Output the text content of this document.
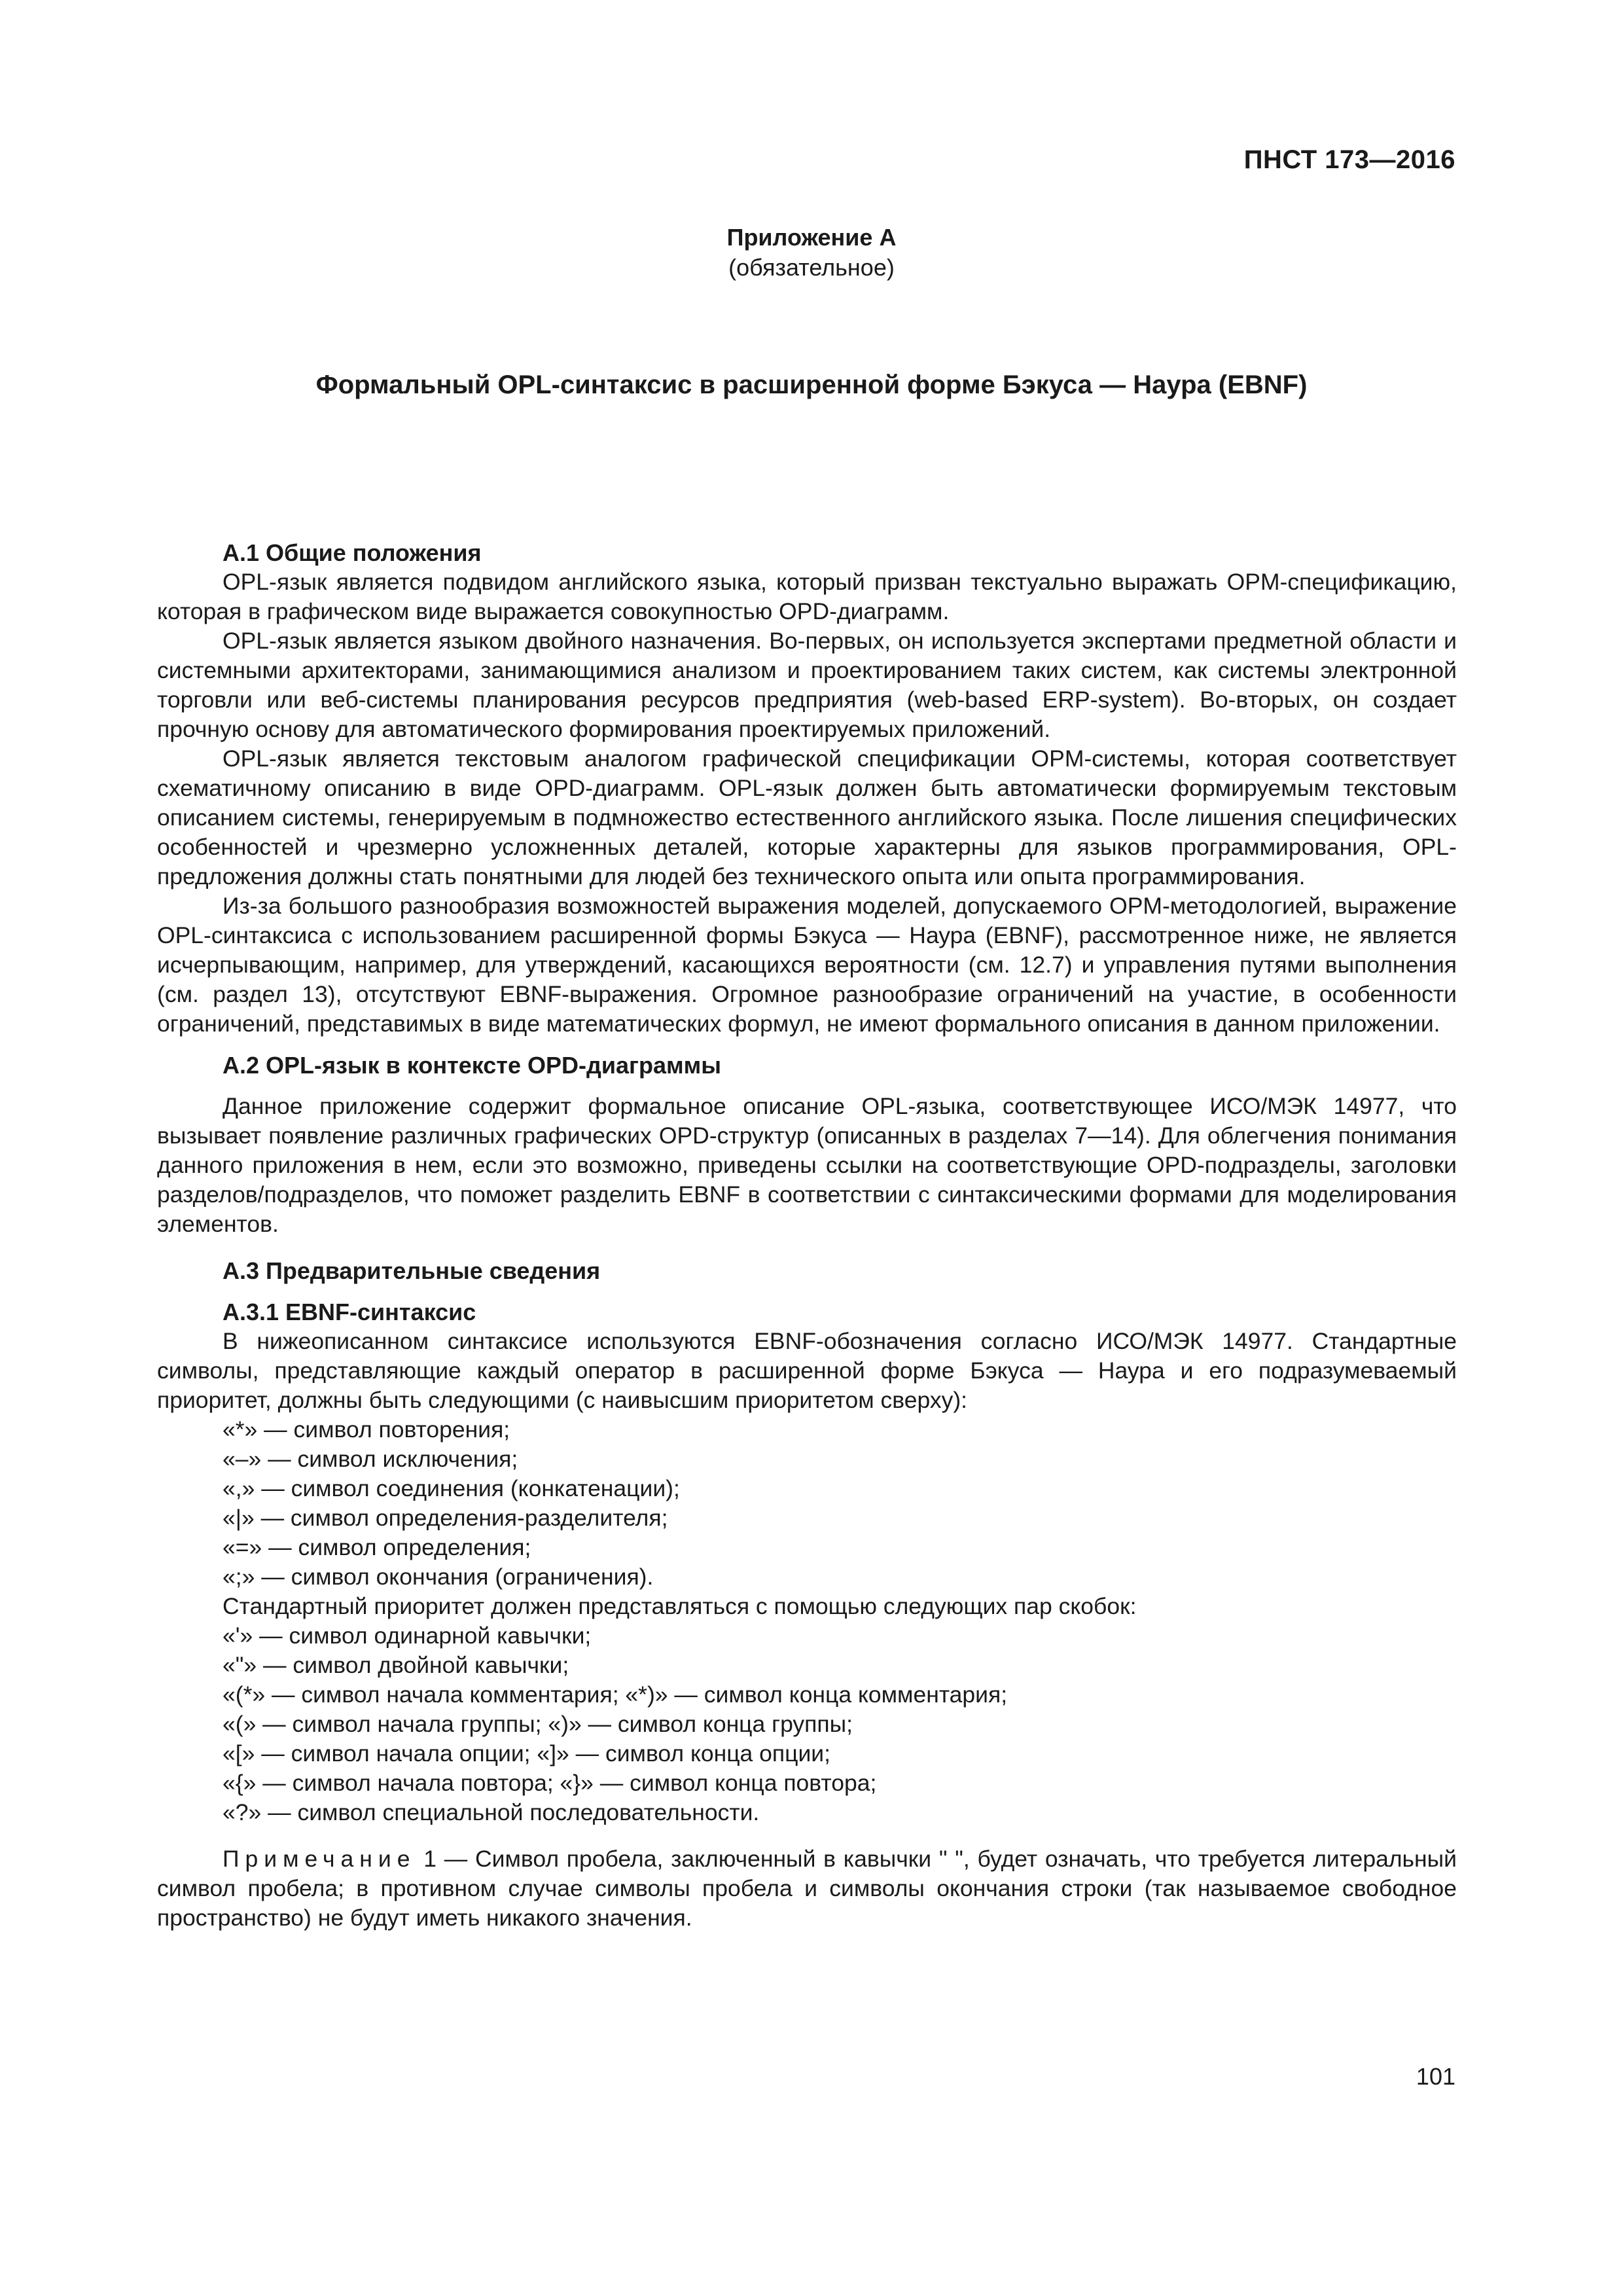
ПНСТ 173—2016
Приложение А
(обязательное)
Формальный OPL-синтаксис в расширенной форме Бэкуса — Наура (EBNF)
А.1 Общие положения

OPL-язык является подвидом английского языка, который призван текстуально выражать OPM-спецификацию, которая в графическом виде выражается совокупностью OPD-диаграмм.

OPL-язык является языком двойного назначения. Во-первых, он используется экспертами предметной области и системными архитекторами, занимающимися анализом и проектированием таких систем, как системы электронной торговли или веб-системы планирования ресурсов предприятия (web-based ERP-system). Во-вторых, он создает прочную основу для автоматического формирования проектируемых приложений.

OPL-язык является текстовым аналогом графической спецификации OPM-системы, которая соответствует схематичному описанию в виде OPD-диаграмм. OPL-язык должен быть автоматически формируемым текстовым описанием системы, генерируемым в подмножество естественного английского языка. После лишения специфических особенностей и чрезмерно усложненных деталей, которые характерны для языков программирования, OPL-предложения должны стать понятными для людей без технического опыта или опыта программирования.

Из-за большого разнообразия возможностей выражения моделей, допускаемого OPM-методологией, выражение OPL-синтаксиса с использованием расширенной формы Бэкуса — Наура (EBNF), рассмотренное ниже, не является исчерпывающим, например, для утверждений, касающихся вероятности (см. 12.7) и управления путями выполнения (см. раздел 13), отсутствуют EBNF-выражения. Огромное разнообразие ограничений на участие, в особенности ограничений, представимых в виде математических формул, не имеют формального описания в данном приложении.

А.2 OPL-язык в контексте OPD-диаграммы

Данное приложение содержит формальное описание OPL-языка, соответствующее ИСО/МЭК 14977, что вызывает появление различных графических OPD-структур (описанных в разделах 7—14). Для облегчения понимания данного приложения в нем, если это возможно, приведены ссылки на соответствующие OPD-подразделы, заголовки разделов/подразделов, что поможет разделить EBNF в соответствии с синтаксическими формами для моделирования элементов.

А.3 Предварительные сведения
А.3.1 EBNF-синтаксис

В нижеописанном синтаксисе используются EBNF-обозначения согласно ИСО/МЭК 14977. Стандартные символы, представляющие каждый оператор в расширенной форме Бэкуса — Наура и его подразумеваемый приоритет, должны быть следующими (с наивысшим приоритетом сверху):

«*» — символ повторения;
«–» — символ исключения;
«,» — символ соединения (конкатенации);
«|» — символ определения-разделителя;
«=» — символ определения;
«;» — символ окончания (ограничения).
Стандартный приоритет должен представляться с помощью следующих пар скобок:
«'» — символ одинарной кавычки;
«"» — символ двойной кавычки;
«(*» — символ начала комментария; «*)» — символ конца комментария;
«(» — символ начала группы; «)» — символ конца группы;
«[» — символ начала опции; «]» — символ конца опции;
«{» — символ начала повтора; «}» — символ конца повтора;
«?» — символ специальной последовательности.

Примечание 1 — Символ пробела, заключенный в кавычки " ", будет означать, что требуется литеральный символ пробела; в противном случае символы пробела и символы окончания строки (так называемое свободное пространство) не будут иметь никакого значения.

101
